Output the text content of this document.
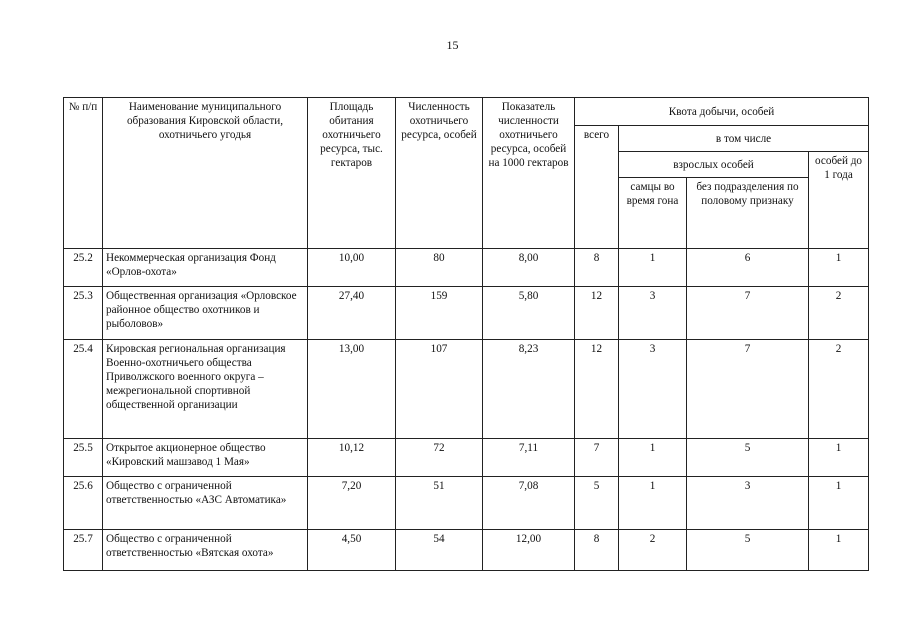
15
№ п/п	Наименование муниципального образования Кировской области, охотничьего угодья	Площадь обитания охотничьего ресурса, тыс. гектаров	Численность охотничьего ресурса, особей	Показатель численности охотничьего ресурса, особей на 1000 гектаров	Квота добычи, особей			
					всего	в том числе		
						взрослых особей		особей до 1 года
						самцы во время гона	без подразделения по половому признаку	
25.2	Некоммерческая организация Фонд «Орлов-охота»	10,00	80	8,00	8	1	6	1
25.3	Общественная организация «Орловское районное общество охотников и рыболовов»	27,40	159	5,80	12	3	7	2
25.4	Кировская региональная организация Военно-охотничьего общества Приволжского военного округа – межрегиональной спортивной общественной организации	13,00	107	8,23	12	3	7	2
25.5	Открытое акционерное общество «Кировский машзавод 1 Мая»	10,12	72	7,11	7	1	5	1
25.6	Общество с ограниченной ответственностью «АЗС Автоматика»	7,20	51	7,08	5	1	3	1
25.7	Общество с ограниченной ответственностью «Вятская охота»	4,50	54	12,00	8	2	5	1
